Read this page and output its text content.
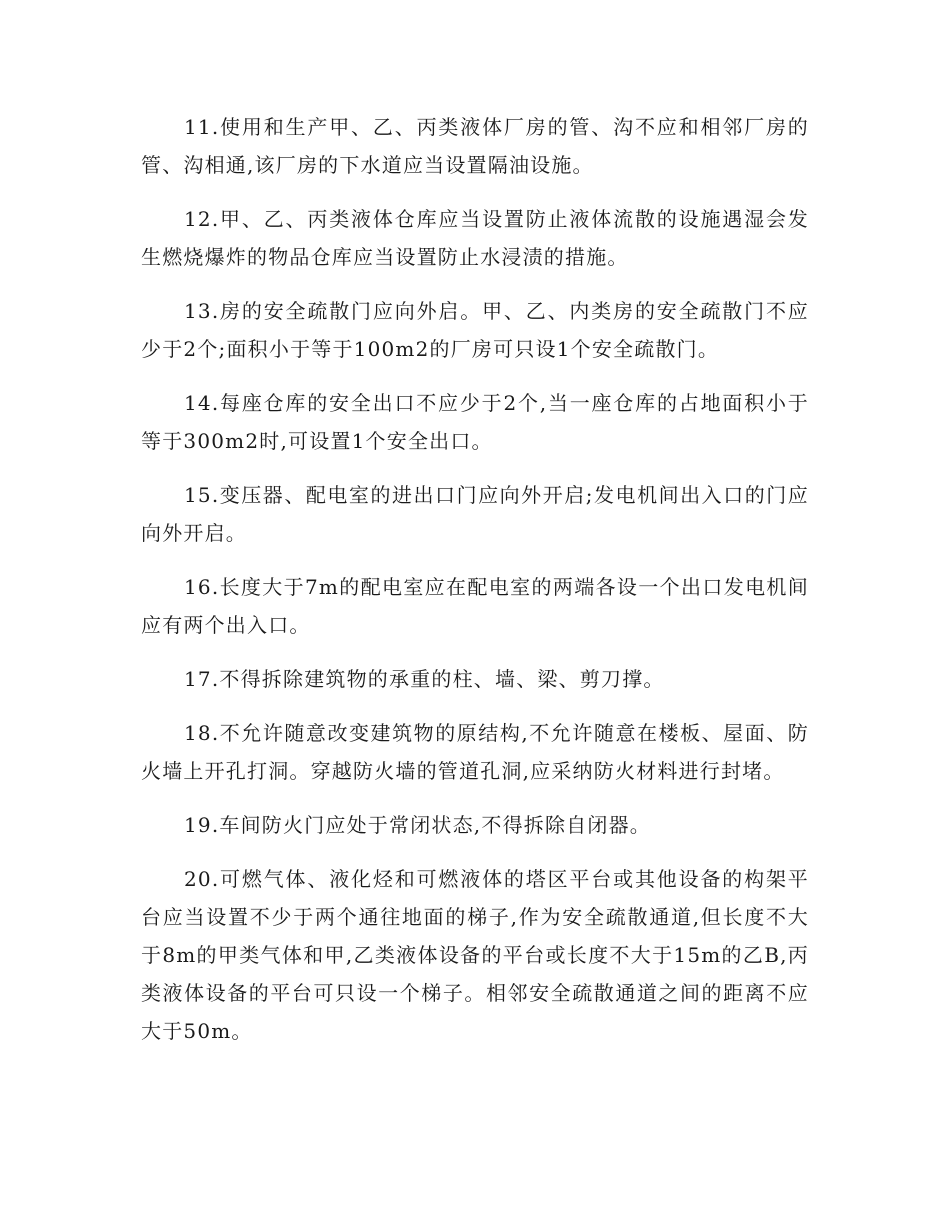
11.使用和生产甲、乙、丙类液体厂房的管、沟不应和相邻厂房的管、沟相通,该厂房的下水道应当设置隔油设施。

12.甲、乙、丙类液体仓库应当设置防止液体流散的设施遇湿会发生燃烧爆炸的物品仓库应当设置防止水浸渍的措施。

13.房的安全疏散门应向外启。甲、乙、内类房的安全疏散门不应少于2个;面积小于等于100m2的厂房可只设1个安全疏散门。

14.每座仓库的安全出口不应少于2个,当一座仓库的占地面积小于等于300m2时,可设置1个安全出口。

15.变压器、配电室的进出口门应向外开启;发电机间出入口的门应向外开启。

16.长度大于7m的配电室应在配电室的两端各设一个出口发电机间应有两个出入口。

17.不得拆除建筑物的承重的柱、墙、梁、剪刀撑。

18.不允许随意改变建筑物的原结构,不允许随意在楼板、屋面、防火墙上开孔打洞。穿越防火墙的管道孔洞,应采纳防火材料进行封堵。

19.车间防火门应处于常闭状态,不得拆除自闭器。

20.可燃气体、液化烃和可燃液体的塔区平台或其他设备的构架平台应当设置不少于两个通往地面的梯子,作为安全疏散通道,但长度不大于8m的甲类气体和甲,乙类液体设备的平台或长度不大于15m的乙B,丙类液体设备的平台可只设一个梯子。相邻安全疏散通道之间的距离不应大于50m。
